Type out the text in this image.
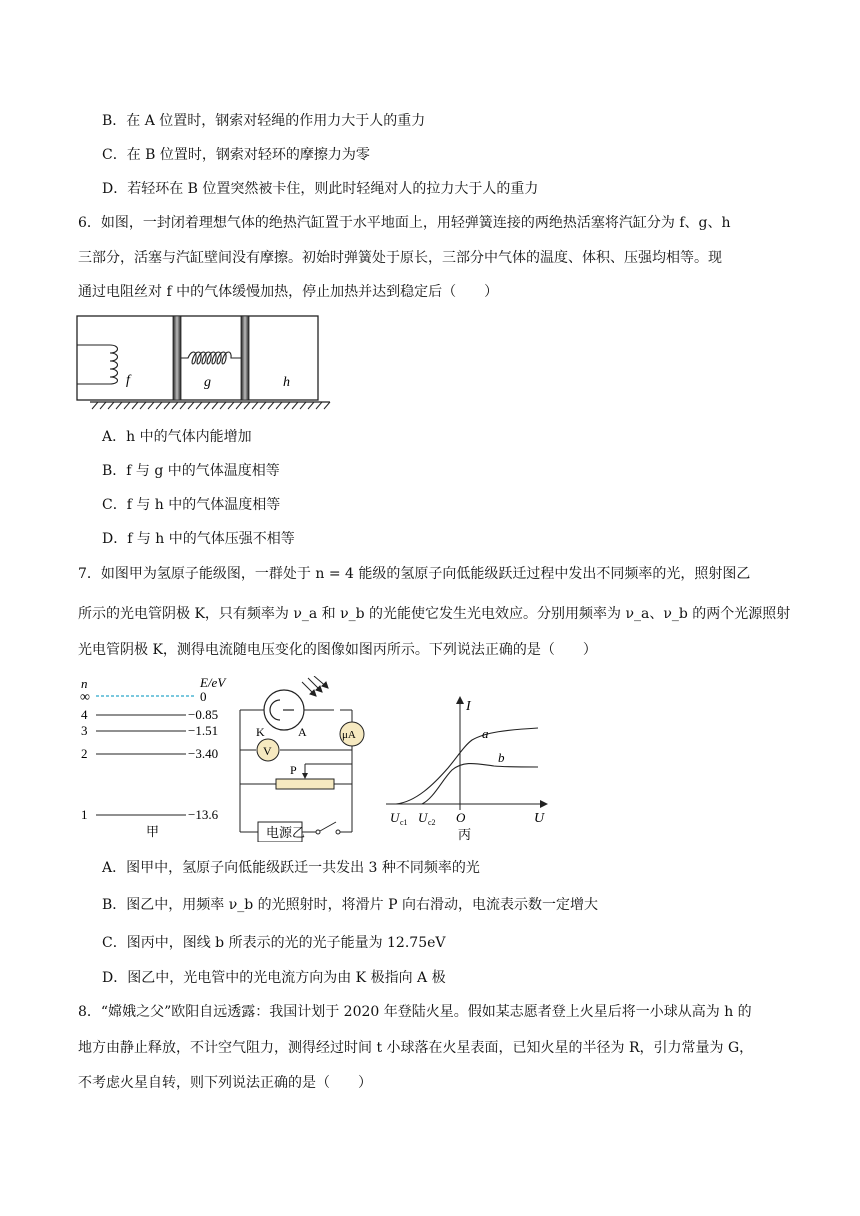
B．在 A 位置时，钢索对轻绳的作用力大于人的重力
C．在 B 位置时，钢索对轻环的摩擦力为零
D．若轻环在 B 位置突然被卡住，则此时轻绳对人的拉力大于人的重力
6．如图，一封闭着理想气体的绝热汽缸置于水平地面上，用轻弹簧连接的两绝热活塞将汽缸分为 f、g、h
三部分，活塞与汽缸壁间没有摩擦。初始时弹簧处于原长，三部分中气体的温度、体积、压强均相等。现
通过电阻丝对 f 中的气体缓慢加热，停止加热并达到稳定后（　　）
f	g	h
A．h 中的气体内能增加
B．f 与 g 中的气体温度相等
C．f 与 h 中的气体温度相等
D．f 与 h 中的气体压强不相等
7．如图甲为氢原子能级图，一群处于 n = 4 能级的氢原子向低能级跃迁过程中发出不同频率的光，照射图乙
所示的光电管阴极 K，只有频率为 ν_a 和 ν_b 的光能使它发生光电效应。分别用频率为 ν_a、ν_b 的两个光源照射
光电管阴极 K，测得电流随电压变化的图像如图丙所示。下列说法正确的是（　　）
n	E/eV
∞	0
4	−0.85
3	−1.51
2	−3.40
1	−13.6
甲
K	A	μA
V
P
电源 乙
I
U
O
a
b
U c1 U c2
丙
A．图甲中，氢原子向低能级跃迁一共发出 3 种不同频率的光
B．图乙中，用频率 ν_b 的光照射时，将滑片 P 向右滑动，电流表示数一定增大
C．图丙中，图线 b 所表示的光的光子能量为 12.75eV
D．图乙中，光电管中的光电流方向为由 K 极指向 A 极
8．“嫦娥之父”欧阳自远透露：我国计划于 2020 年登陆火星。假如某志愿者登上火星后将一小球从高为 h 的
地方由静止释放，不计空气阻力，测得经过时间 t 小球落在火星表面，已知火星的半径为 R，引力常量为 G，
不考虑火星自转，则下列说法正确的是（　　）
